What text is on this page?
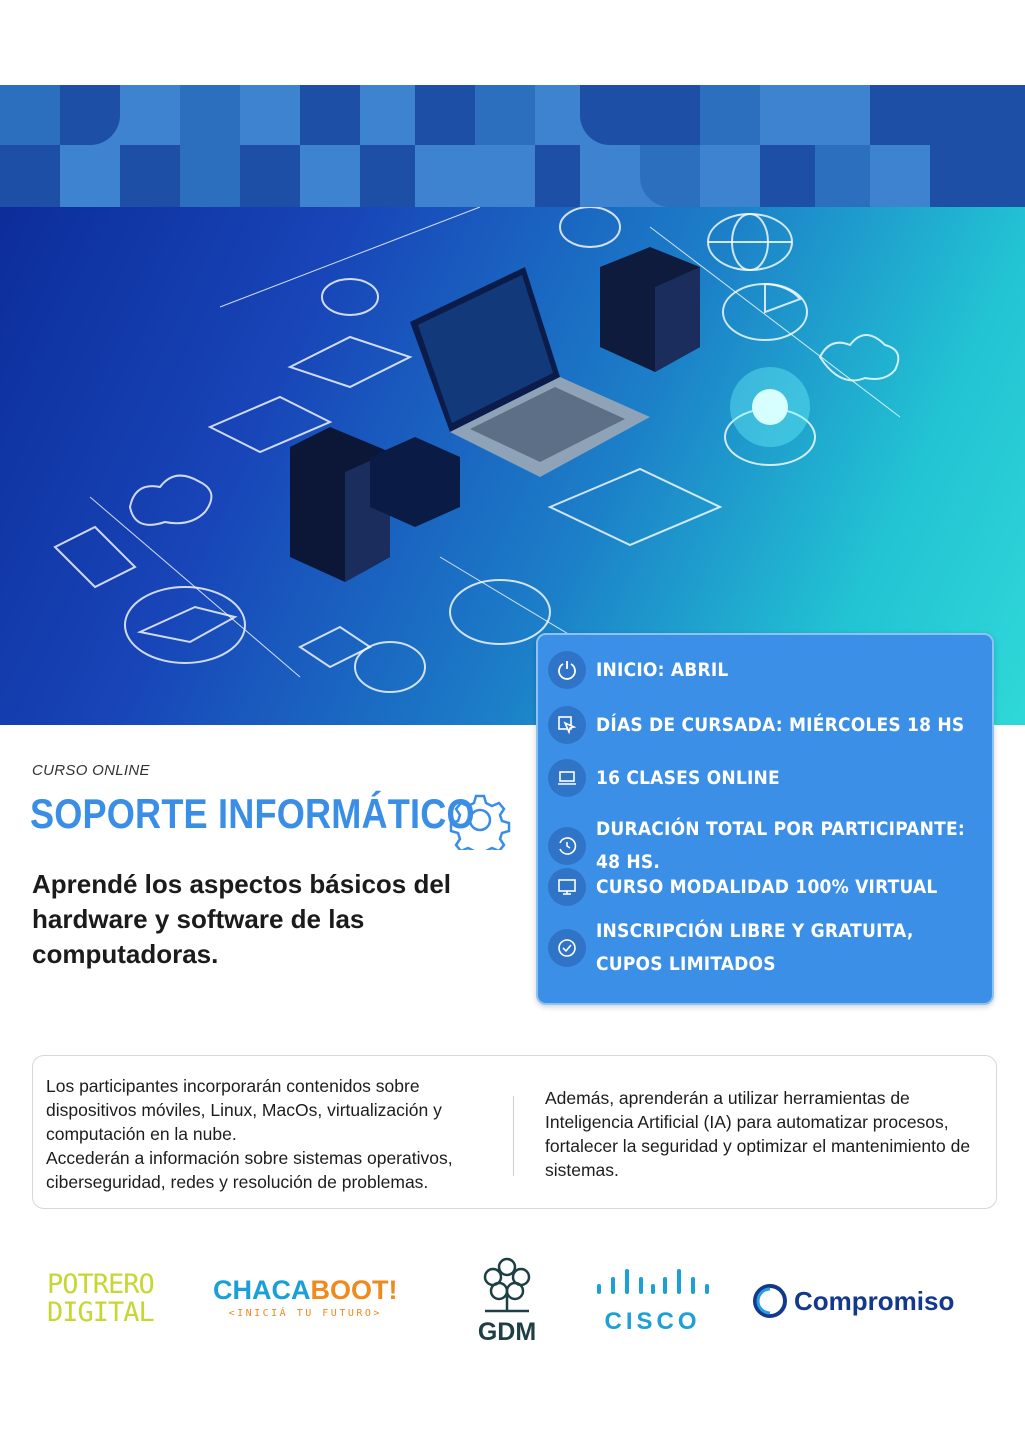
INICIO: ABRIL
DÍAS DE CURSADA: MIÉRCOLES 18 HS
16 CLASES ONLINE
DURACIÓN TOTAL POR PARTICIPANTE: 48 HS.
CURSO MODALIDAD 100% VIRTUAL
INSCRIPCIÓN LIBRE Y GRATUITA,
CUPOS LIMITADOS
CURSO ONLINE
SOPORTE INFORMÁTICO
Aprendé los aspectos básicos del hardware y software de las computadoras.

Los participantes incorporarán contenidos sobre dispositivos móviles, Linux, MacOs, virtualización y computación en la nube.

Accederán a información sobre sistemas operativos, ciberseguridad, redes y resolución de problemas.

Además, aprenderán a utilizar herramientas de Inteligencia Artificial (IA) para automatizar procesos, fortalecer la seguridad y optimizar el mantenimiento de sistemas.

POTRERO
DIGITAL
CHACABOOT!
<INICIÁ TU FUTURO>
GDM	CISCO
Compromiso
